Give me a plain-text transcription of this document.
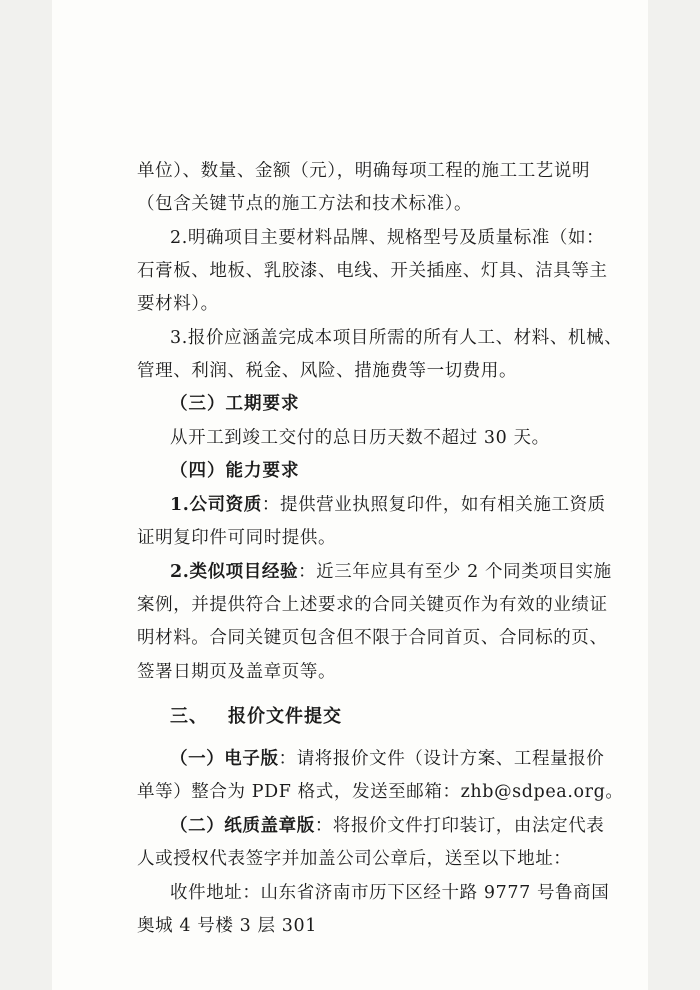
单位）、数量、金额（元），明确每项工程的施工工艺说明
（包含关键节点的施工方法和技术标准）。
2.明确项目主要材料品牌、规格型号及质量标准（如：
石膏板、地板、乳胶漆、电线、开关插座、灯具、洁具等主
要材料）。
3.报价应涵盖完成本项目所需的所有人工、材料、机械、
管理、利润、税金、风险、措施费等一切费用。
（三）工期要求
从开工到竣工交付的总日历天数不超过 30 天。
（四）能力要求
1.公司资质：提供营业执照复印件，如有相关施工资质
证明复印件可同时提供。
2.类似项目经验：近三年应具有至少 2 个同类项目实施
案例，并提供符合上述要求的合同关键页作为有效的业绩证
明材料。合同关键页包含但不限于合同首页、合同标的页、
签署日期页及盖章页等。
三、 报价文件提交
（一）电子版：请将报价文件（设计方案、工程量报价
单等）整合为 PDF 格式，发送至邮箱：zhb@sdpea.org。
（二）纸质盖章版：将报价文件打印装订，由法定代表
人或授权代表签字并加盖公司公章后，送至以下地址：
收件地址：山东省济南市历下区经十路 9777 号鲁商国
奥城 4 号楼 3 层 301
